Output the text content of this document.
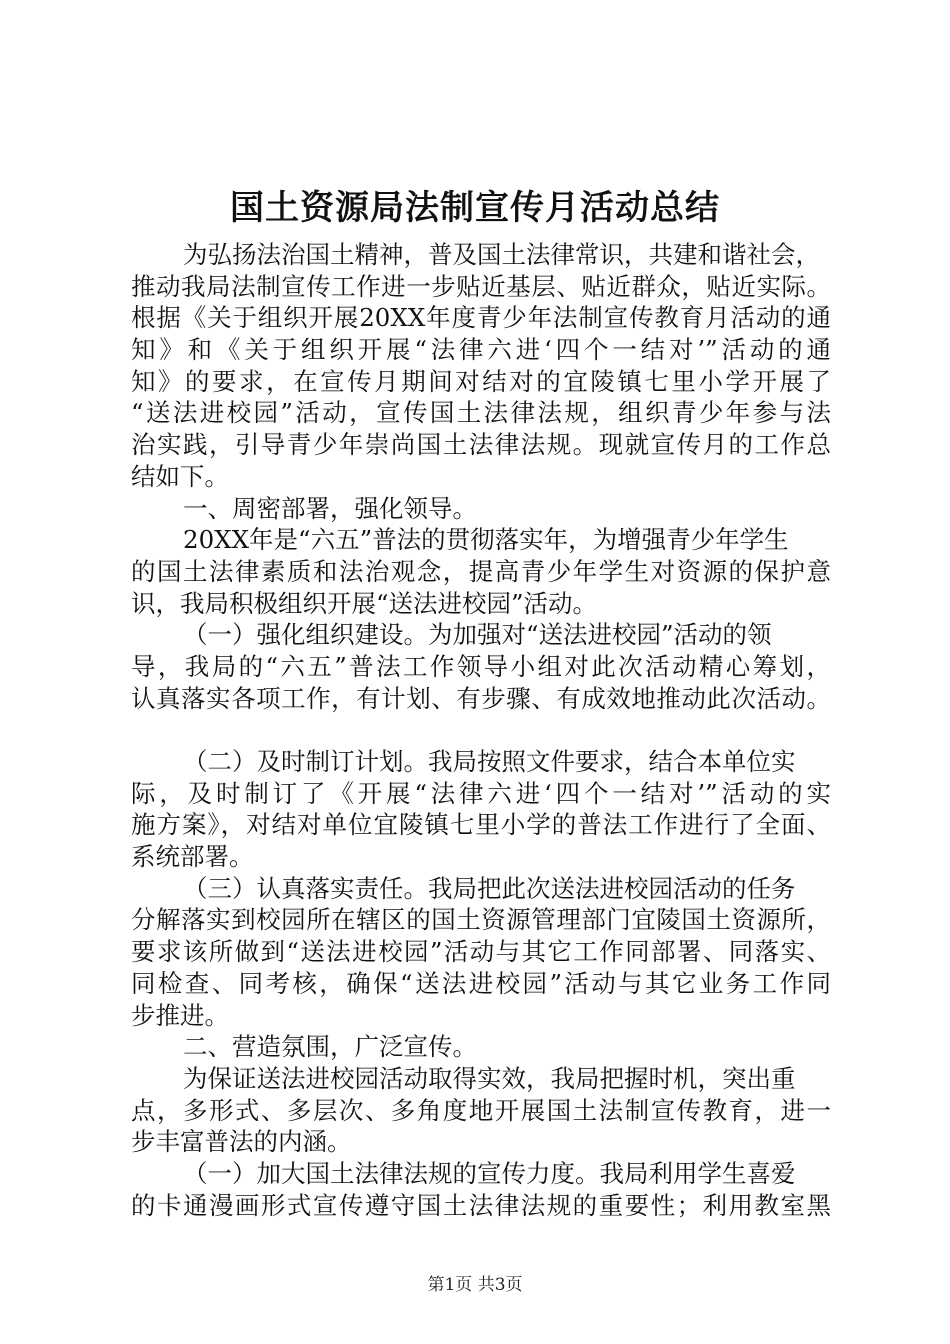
国土资源局法制宣传月活动总结
为弘扬法治国土精神，普及国土法律常识，共建和谐社会，
推动我局法制宣传工作进一步贴近基层、贴近群众，贴近实际。
根据《关于组织开展20XX年度青少年法制宣传教育月活动的通
知》和《关于组织开展“法律六进‘四个一结对’”活动的通
知》的要求，在宣传月期间对结对的宜陵镇七里小学开展了
“送法进校园”活动，宣传国土法律法规，组织青少年参与法
治实践，引导青少年崇尚国土法律法规。现就宣传月的工作总
结如下。
一、周密部署，强化领导。
20XX年是“六五”普法的贯彻落实年，为增强青少年学生
的国土法律素质和法治观念，提高青少年学生对资源的保护意
识，我局积极组织开展“送法进校园”活动。
（一）强化组织建设。为加强对“送法进校园”活动的领
导，我局的“六五”普法工作领导小组对此次活动精心筹划，
认真落实各项工作，有计划、有步骤、有成效地推动此次活动。
（二）及时制订计划。我局按照文件要求，结合本单位实
际，及时制订了《开展“法律六进‘四个一结对’”活动的实
施方案》，对结对单位宜陵镇七里小学的普法工作进行了全面、
系统部署。
（三）认真落实责任。我局把此次送法进校园活动的任务
分解落实到校园所在辖区的国土资源管理部门宜陵国土资源所，
要求该所做到“送法进校园”活动与其它工作同部署、同落实、
同检查、同考核，确保“送法进校园”活动与其它业务工作同
步推进。
二、营造氛围，广泛宣传。
为保证送法进校园活动取得实效，我局把握时机，突出重
点，多形式、多层次、多角度地开展国土法制宣传教育，进一
步丰富普法的内涵。
（一）加大国土法律法规的宣传力度。我局利用学生喜爱
的卡通漫画形式宣传遵守国土法律法规的重要性；利用教室黑
第1页 共3页
